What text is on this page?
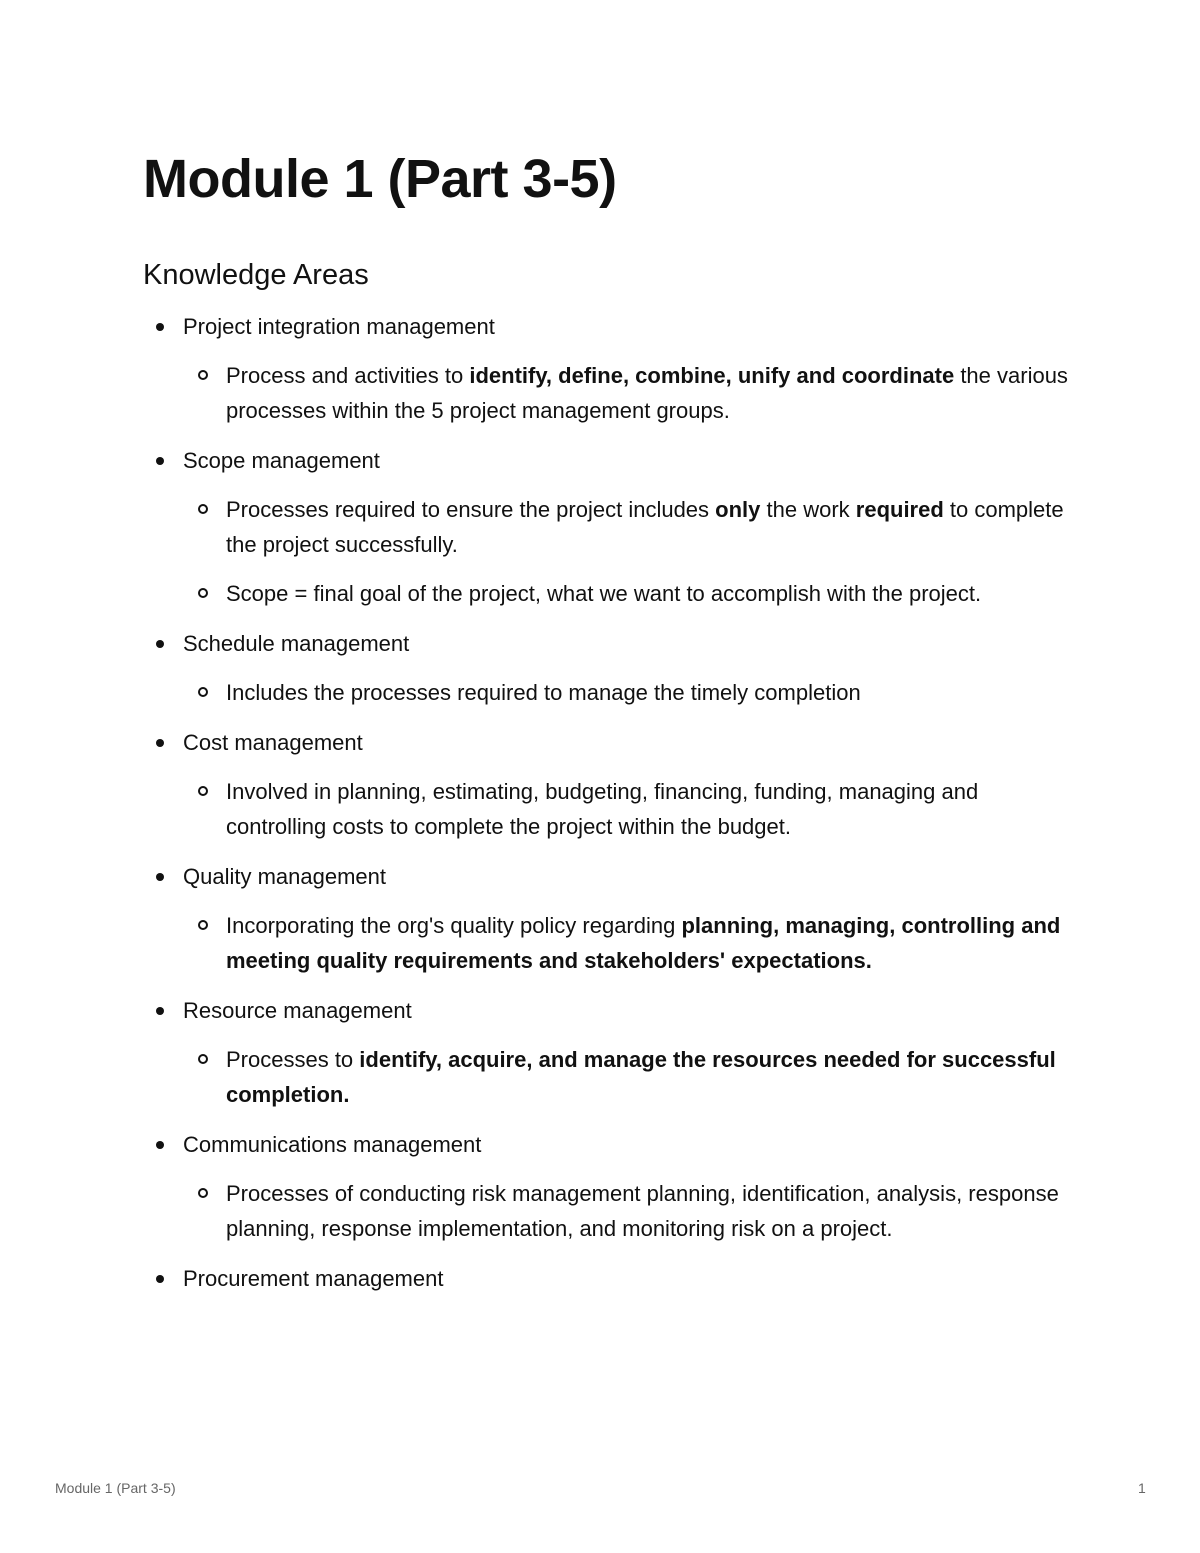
Module 1 (Part 3-5)
Knowledge Areas
Project integration management
Process and activities to identify, define, combine, unify and coordinate the various processes within the 5 project management groups.
Scope management
Processes required to ensure the project includes only the work required to complete the project successfully.
Scope = final goal of the project, what we want to accomplish with the project.
Schedule management
Includes the processes required to manage the timely completion
Cost management
Involved in planning, estimating, budgeting, financing, funding, managing and controlling costs to complete the project within the budget.
Quality management
Incorporating the org's quality policy regarding planning, managing, controlling and meeting quality requirements and stakeholders' expectations.
Resource management
Processes to identify, acquire, and manage the resources needed for successful completion.
Communications management
Processes of conducting risk management planning, identification, analysis, response planning, response implementation, and monitoring risk on a project.
Procurement management
Module 1 (Part 3-5)	1
